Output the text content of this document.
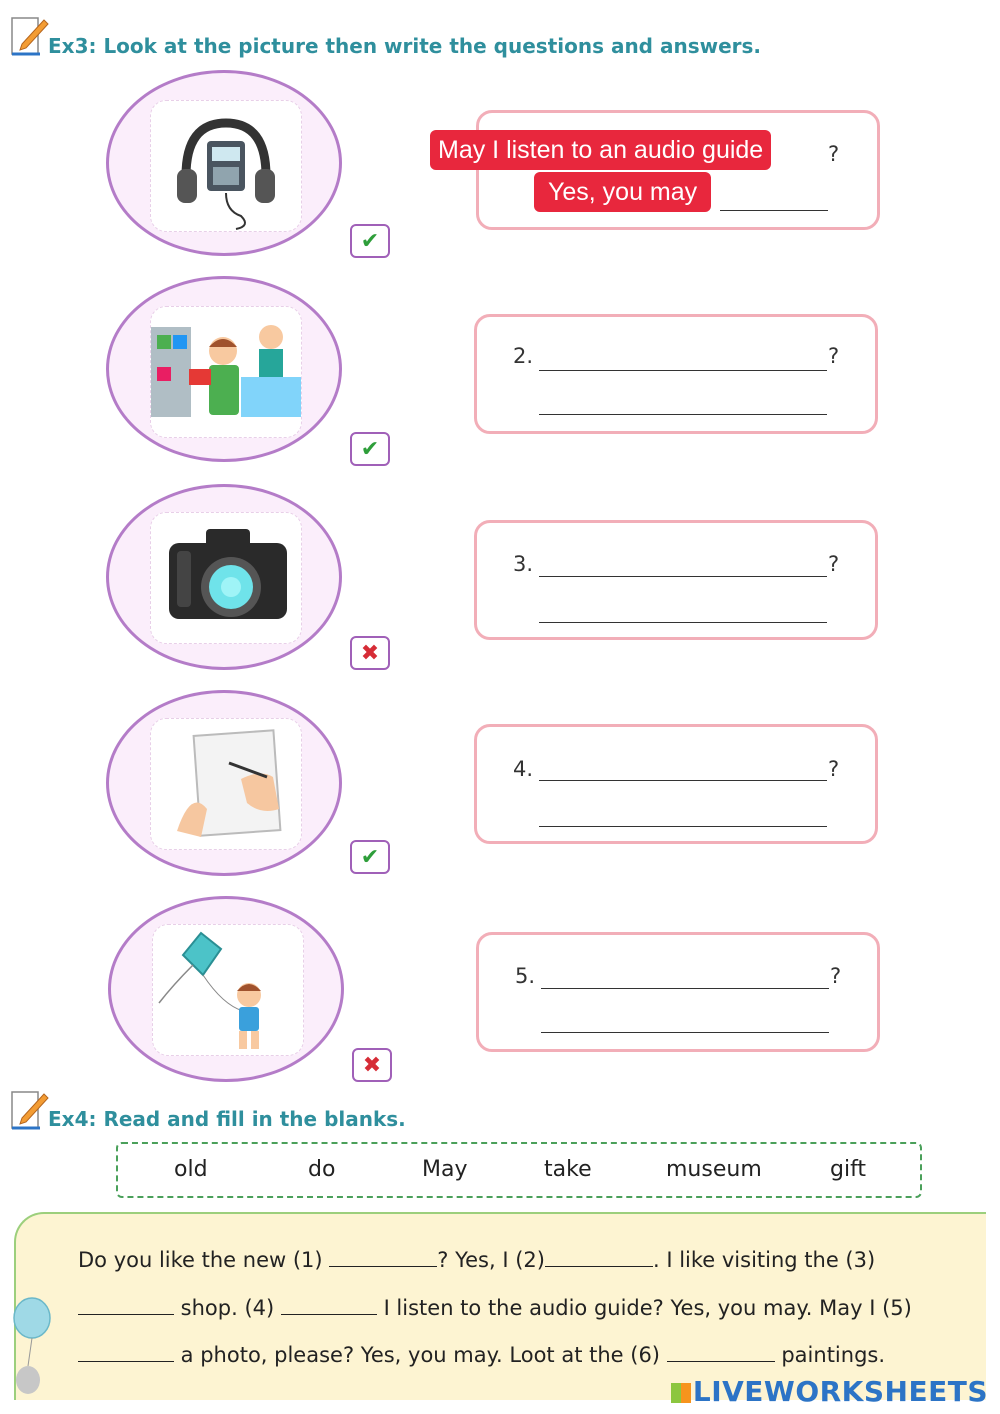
Ex3: Look at the picture then write the questions and answers.
✔
May I listen to an audio guide	?
Yes, you may
✔
2.	?
✖
3.	?
✔
4.	?
✖
5.	?
Ex4: Read and fill in the blanks.
old	do	May	take	museum	gift
Do you like the new (1)	? Yes, I (2)	. I like visiting the (3)
shop. (4)	I listen to the audio guide? Yes, you may. May I (5)
a photo, please? Yes, you may. Loot at the (6)	paintings.
LIVEWORKSHEETS
